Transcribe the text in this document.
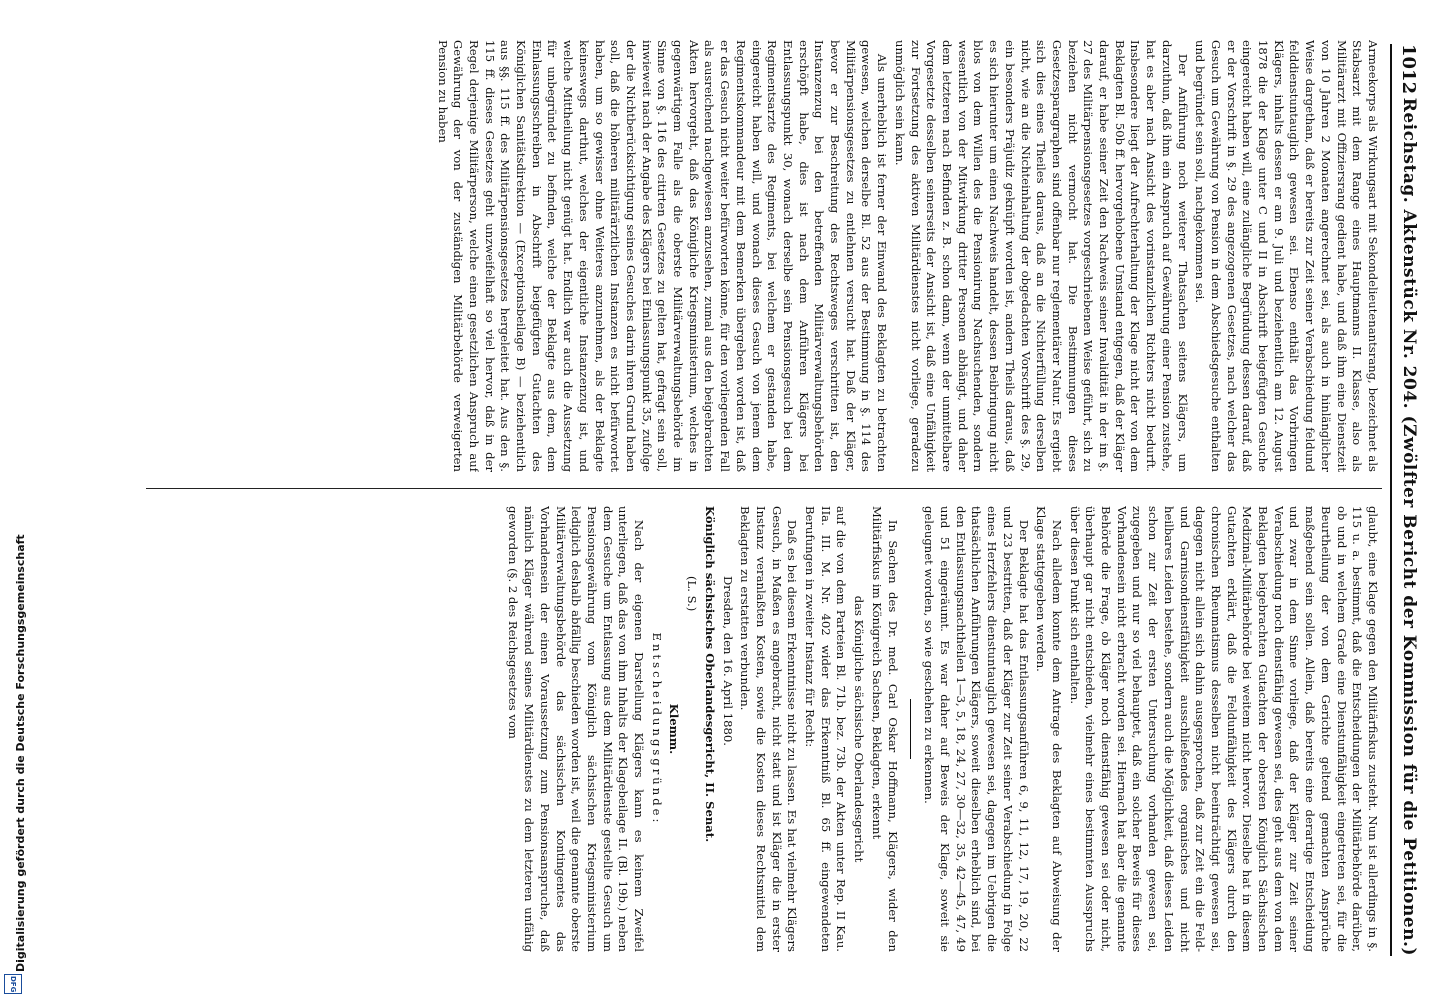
Digitalisierung gefördert durch die Deutsche Forschungsgemeinschaft
DFG
1012
Reichstag. Aktenstück Nr. 204. (Zwölfter Bericht der Kommission für die Petitionen.)

Armeekorps als Wirkungsart mit Sekondelieutenantsrang, bezeichnet als Stabsarzt mit dem Range eines Hauptmanns II. Klasse, also als Militärarzt mit Offiziersrang gedient habe, und daß ihm eine Dienstzeit von 10 Jahren 2 Monaten angerechnet sei, als auch in hinlänglicher Weise dargethan, daß er bereits zur Zeit seiner Verabschiedung feldund felddienstuntauglich gewesen sei. Ebenso enthält das Vorbringen Klägers, inhalts dessen er am 9. Juli und beziehentlich am 12. August 1878 die der Klage unter C und II in Abschrift beigefügten Gesuche eingereicht haben will, eine zulängliche Begründung dessen darauf, daß er der Vorschrift in §. 29 des angezogenen Gesetzes, nach welcher das Gesuch um Gewährung von Pension in dem Abschiedsgesuche enthalten und begründet sein soll, nachgekommen sei.

Der Anführung noch weiterer Thatsachen seitens Klägers, um darzuthun, daß ihm ein Anspruch auf Gewährung einer Pension zustehe, hat es aber nach Ansicht des vorinstanzlichen Richters nicht bedurft. Insbesondere liegt der Aufrechterhaltung der Klage nicht der von dem Beklagten Bl. 50b ff. hervorgehobene Umstand entgegen, daß der Kläger darauf, er habe seiner Zeit den Nachweis seiner Invalidität in der im §. 27 des Militärpensionsgesetzes vorgeschriebenen Weise geführt, sich zu beziehen nicht vermocht hat. Die Bestimmungen dieses Gesetzesparagraphen sind offenbar nur reglementärer Natur. Es ergiebt sich dies eines Theiles daraus, daß an die Nichterfüllung derselben nicht, wie an die Nichteinhaltung der obgedachten Vorschrift des §. 29, ein besonders Präjudiz geknüpft worden ist, andern Theils daraus, daß es sich hierunter um einen Nachweis handelt, dessen Beibringung nicht blos von dem Willen des die Pensionirung Nachsuchenden, sondern wesentlich von der Mitwirkung dritter Personen abhängt, und daher dem letzteren nach Befinden z. B. schon dann, wenn der unmittelbare Vorgesetzte desselben seinerseits der Ansicht ist, daß eine Unfähigkeit zur Fortsetzung des aktiven Militärdienstes nicht vorliege, geradezu unmöglich sein kann.

Als unerheblich ist ferner der Einwand des Beklagten zu betrachten gewesen, welchen derselbe Bl. 52 aus der Bestimmung in §. 114 des Militärpensionsgesetzes zu entlehnen versucht hat. Daß der Kläger, bevor er zur Beschreitung des Rechtsweges verschritten ist, den Instanzenzug bei den betreffenden Militärverwaltungsbehörden erschöpft habe, dies ist nach dem Anführen Klägers bei Entlassungspunkt 30, wonach derselbe sein Pensionsgesuch bei dem Regimentsarzte des Regiments, bei welchem er gestanden habe, eingereicht haben will, und wonach dieses Gesuch von jenem dem Regimentskommandeur mit dem Bemerken übergeben worden ist, daß er das Gesuch nicht weiter befürworten könne, für den vorliegenden Fall als ausreichend nachgewiesen anzusehen, zumal aus den beigebrachten Akten hervorgeht, daß das Königliche Kriegsministerium, welches in gegenwärtigem Falle als die oberste Militärverwaltungsbehörde im Sinne von §. 116 des citirten Gesetzes zu gelten hat, gefragt sein soll, inwieweit nach der Angabe des Klägers bei Einlassungspunkt 35, zufolge der die Nichtberücksichtigung seines Gesuches darin ihren Grund haben soll, daß die höheren militärärztlichen Instanzen es nicht befürwortet haben, um so gewisser ohne Weiteres anzunehmen, als der Beklagte keineswegs darthut, welches der eigentliche Instanzenzug ist, und welche Mittheilung nicht genügt hat. Endlich war auch die Aussetzung für unbegründet zu befinden, welche der Beklagte aus dem, dem Einlassungsschreiben in Abschrift beigefügten Gutachten des Königlichen Sanitätsdirektion — (Exceptionsbeilage B) — beziehentlich aus §§. 115 ff. des Militärpensionsgesetzes hergeleitet hat. Aus den §. 115 ff. dieses Gesetzes geht unzweifelhaft so viel hervor, daß in der Regel derjenige Militärperson, welche einen gesetzlichen Anspruch auf Gewährung der von der zuständigen Militärbehörde verweigerten Pension zu haben

glaubt, eine Klage gegen den Militärfiskus zusteht. Nun ist allerdings in §. 115 u. a. bestimmt, daß die Entscheidungen der Militärbehörde darüber, ob und in welchem Grade eine Dienstunfähigkeit eingetreten sei, für die Beurtheilung der von dem Gerichte geltend gemachten Ansprüche maßgebend sein sollen. Allein, daß bereits eine derartige Entscheidung und zwar in dem Sinne vorliege, daß der Kläger zur Zeit seiner Verabschiedung noch dienstfähig gewesen sei, dies geht aus dem von dem Beklagten beigebrachten Gutachten der obersten Königlich Sächsischen Medizinal-Militärbehörde bei weitem nicht hervor. Dieselbe hat in diesem Gutachten erklärt, daß die Feldunfähigkeit des Klägers durch den chronischen Rheumatismus desselben nicht beeinträchtigt gewesen sei, dagegen nicht allein sich dahin ausgesprochen, daß zur Zeit ein die Feld- und Garnisondienstfähigkeit ausschließendes organisches und nicht heilbares Leiden bestehe, sondern auch die Möglichkeit, daß dieses Leiden schon zur Zeit der ersten Untersuchung vorhanden gewesen sei, zugegeben und nur so viel behauptet, daß ein solcher Beweis für dieses Vorhandensein nicht erbracht worden sei. Hiernach hat aber die genannte Behörde die Frage, ob Kläger noch dienstfähig gewesen sei oder nicht, überhaupt gar nicht entschieden, vielmehr eines bestimmten Ausspruchs über diesen Punkt sich enthalten.

Nach alledem konnte dem Antrage des Beklagten auf Abweisung der Klage stattgegeben werden.

Der Beklagte hat das Entlassungsanführen 6, 9, 11, 12, 17, 19, 20, 22 und 23 bestritten, daß der Kläger zur Zeit seiner Verabschiedung in Folge eines Herzfehlers dienstuntauglich gewesen sei, dagegen im Uebrigen die thatsächlichen Anführungen Klägers, soweit dieselben erheblich sind, bei den Entlassungsnachtheilen 1—3, 5, 18, 24, 27, 30—32, 35, 42—45, 47, 49 und 51 eingeräumt. Es war daher auf Beweis der Klage, soweit sie geleugnet worden, so wie geschehen zu erkennen.

In Sachen des Dr. med. Carl Oskar Hoffmann, Klägers, wider den Militärfiskus im Königreich Sachsen, Beklagten, erkennt

das Königliche sächsische Oberlandesgericht

auf die von dem Parteien Bl. 71b. bez. 73b. der Akten unter Rep. II Kau. IIa. III. M. Nr. 402 wider das Erkenntniß Bl. 65 ff. eingewendeten Berufungen in zweiter Instanz für Recht:

Daß es bei diesem Erkenntnisse nicht zu lassen. Es hat vielmehr Klägers Gesuch, in Maßen es angebracht, nicht statt und ist Kläger die in erster Instanz veranlaßten Kosten, sowie die Kosten dieses Rechtsmittel dem Beklagten zu erstatten verbunden.

Dresden, den 16. April 1880.

Königlich sächsisches Oberlandesgericht, II. Senat.

(L. S.)

Klemm.

Entscheidungsgründe:

Nach der eigenen Darstellung Klägers kann es keinem Zweifel unterliegen, daß das von ihm Inhalts der Klagebeilage II. (Bl. 19b.) neben dem Gesuche um Entlassung aus dem Militärdienste gestellte Gesuch um Pensionsgewährung vom Königlich sächsischen Kriegsministerium lediglich deshalb abfällig beschieden worden ist, weil die genannte oberste Militärverwaltungsbehörde das sächsischen Kontingentes das Vorhandensein der einen Voraussetzung zum Pensionsanspruche, daß nämlich Kläger während seines Militärdienstes zu dem letzteren unfähig geworden (§. 2 des Reichsgesetzes vom
